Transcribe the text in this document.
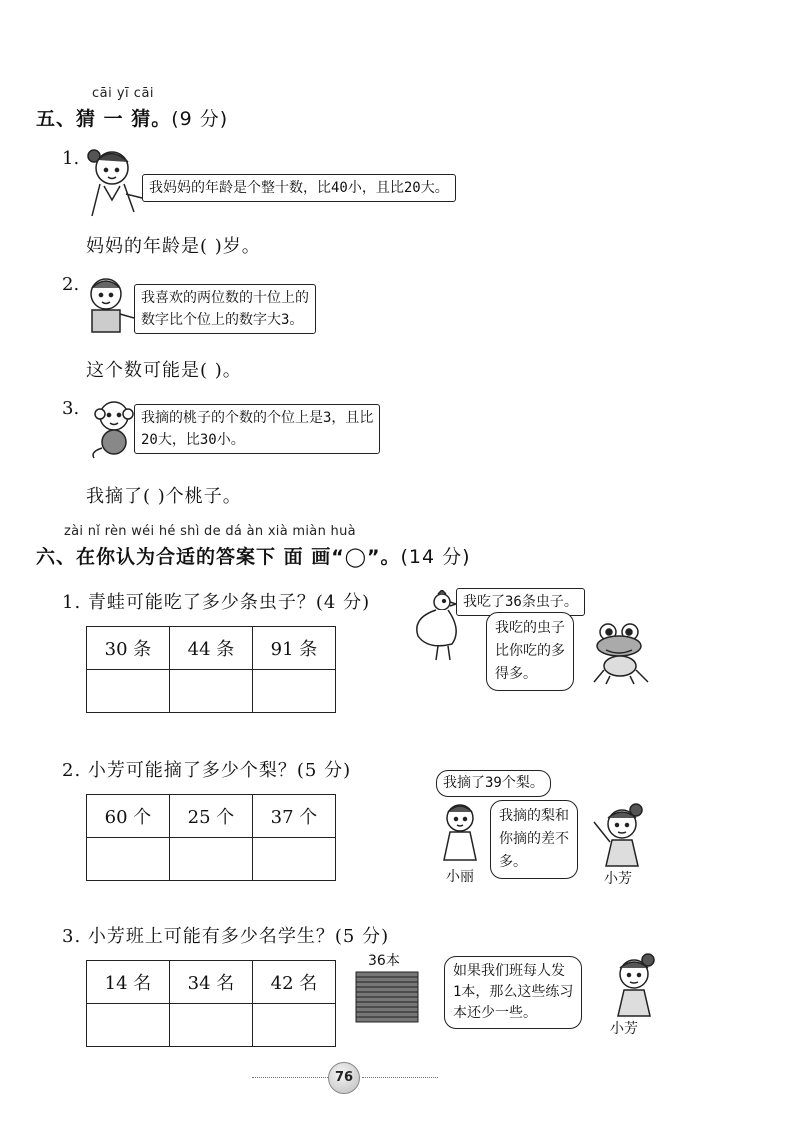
cāi yī cāi
五、猜 一 猜。(9 分)
1.
我妈妈的年龄是个整十数，比40小，且比20大。
妈妈的年龄是( )岁。
2.
我喜欢的两位数的十位上的
数字比个位上的数字大3。
这个数可能是( )。
3.	我摘的桃子的个数的个位上是3，且比
20大，比30小。
我摘了( )个桃子。
zài nǐ rèn wéi hé shì de dá àn xià miàn huà
六、在你认为合适的答案下 面 画“◯”。(14 分)
1. 青蛙可能吃了多少条虫子？(4 分)
30 条	44 条	91 条

我吃了36条虫子。
我吃的虫子
比你吃的多
得多。
2. 小芳可能摘了多少个梨？(5 分)
60 个	25 个	37 个

我摘了39个梨。
小丽
我摘的梨和
你摘的差不
多。
小芳
3. 小芳班上可能有多少名学生？(5 分)
14 名	34 名	42 名

36本
如果我们班每人发
1本，那么这些练习
本还少一些。
小芳
76
